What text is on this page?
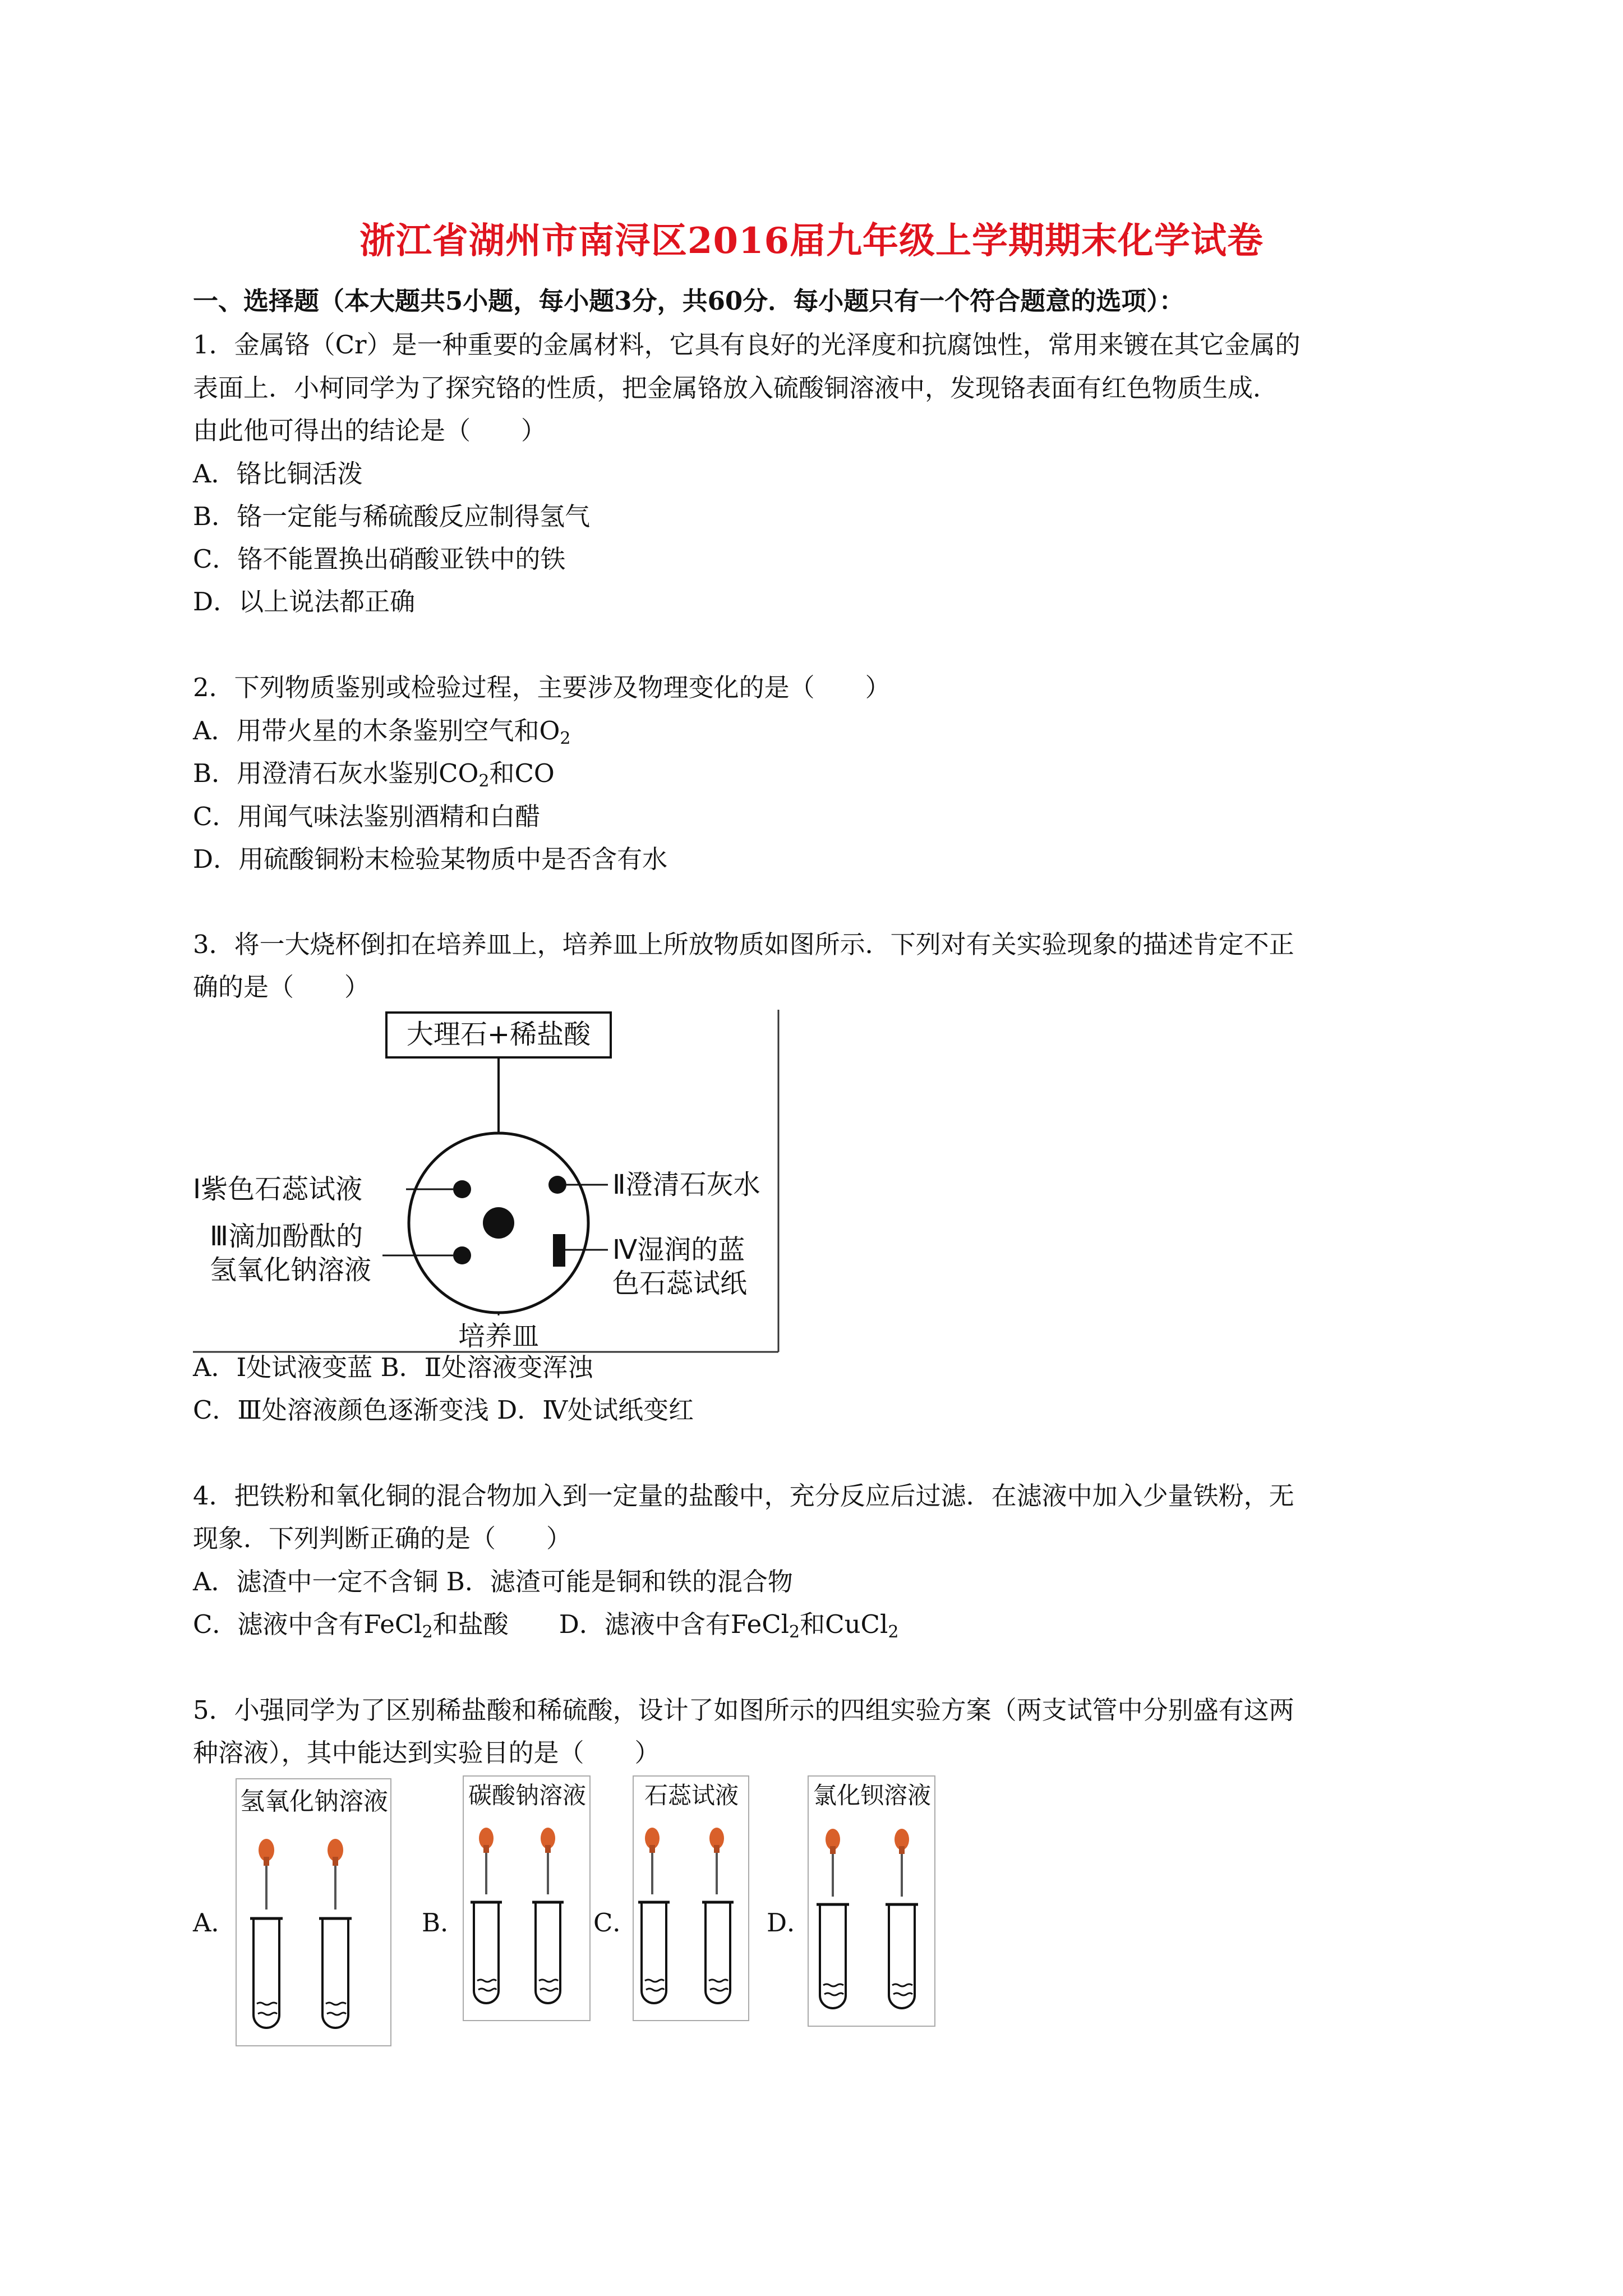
浙江省湖州市南浔区2016届九年级上学期期末化学试卷
一、选择题（本大题共5小题，每小题3分，共60分．每小题只有一个符合题意的选项）：
1．金属铬（Cr）是一种重要的金属材料，它具有良好的光泽度和抗腐蚀性，常用来镀在其它金属的
表面上．小柯同学为了探究铬的性质，把金属铬放入硫酸铜溶液中，发现铬表面有红色物质生成．
由此他可得出的结论是（　　）
A．铬比铜活泼
B．铬一定能与稀硫酸反应制得氢气
C．铬不能置换出硝酸亚铁中的铁
D．以上说法都正确
2．下列物质鉴别或检验过程，主要涉及物理变化的是（　　）
A．用带火星的木条鉴别空气和$O_2$
B．用澄清石灰水鉴别$CO_2$和CO
C．用闻气味法鉴别酒精和白醋
D．用硫酸铜粉末检验某物质中是否含有水
3．将一大烧杯倒扣在培养皿上，培养皿上所放物质如图所示．下列对有关实验现象的描述肯定不正
确的是（　　）
大理石+稀盐酸
Ⅰ紫色石蕊试液	Ⅱ澄清石灰水
Ⅲ滴加酚酞的
氢氧化钠溶液
Ⅳ湿润的蓝
色石蕊试纸
培养皿
A．Ⅰ处试液变蓝 B．Ⅱ处溶液变浑浊
C．Ⅲ处溶液颜色逐渐变浅 D．Ⅳ处试纸变红
4．把铁粉和氧化铜的混合物加入到一定量的盐酸中，充分反应后过滤．在滤液中加入少量铁粉，无
现象．下列判断正确的是（　　）
A．滤渣中一定不含铜 B．滤渣可能是铜和铁的混合物
C．滤液中含有FeCl$_2$和盐酸　　D．滤液中含有FeCl$_2$和CuCl$_2$
5．小强同学为了区别稀盐酸和稀硫酸，设计了如图所示的四组实验方案（两支试管中分别盛有这两
种溶液），其中能达到实验目的是（　　）
A．	B．	C．	D．
氢氧化钠溶液	碳酸钠溶液 石蕊试液	氯化钡溶液
